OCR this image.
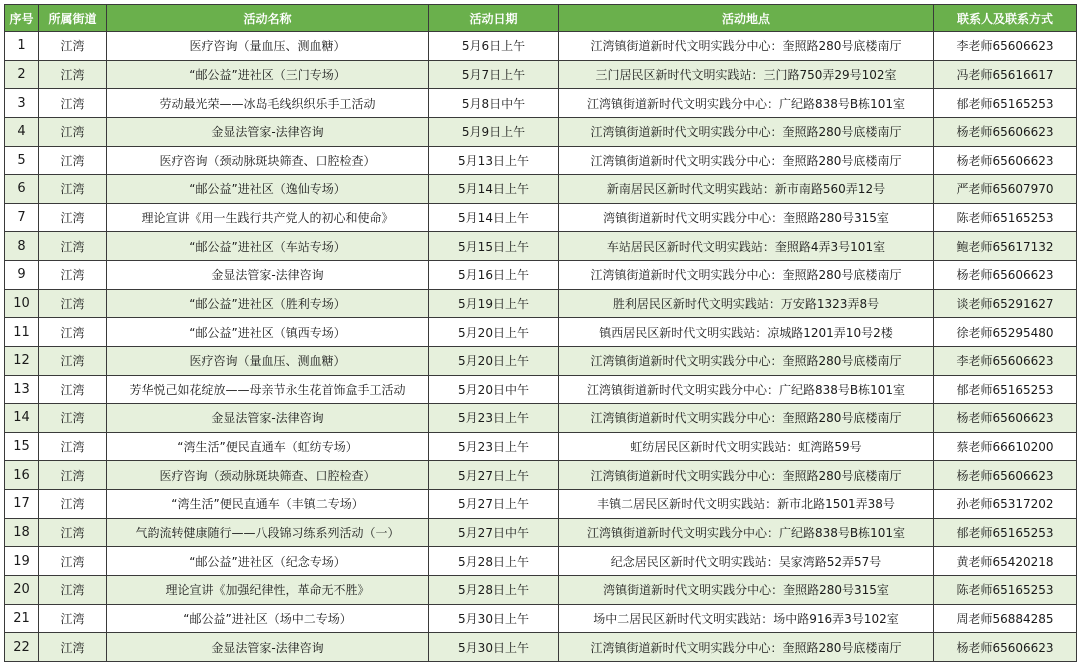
序号	所属街道	活动名称	活动日期	活动地点	联系人及联系方式
1	江湾	医疗咨询（量血压、测血糖）	5月6日上午	江湾镇街道新时代文明实践分中心：奎照路280号底楼南厅	李老师65606623
2	江湾	“邮公益”进社区（三门专场）	5月7日上午	三门居民区新时代文明实践站：三门路750弄29号102室	冯老师65616617
3	江湾	劳动最光荣——冰岛毛线织织乐手工活动	5月8日中午	江湾镇街道新时代文明实践分中心：广纪路838号B栋101室	郁老师65165253
4	江湾	金显法管家-法律咨询	5月9日上午	江湾镇街道新时代文明实践分中心：奎照路280号底楼南厅	杨老师65606623
5	江湾	医疗咨询（颈动脉斑块筛查、口腔检查）	5月13日上午	江湾镇街道新时代文明实践分中心：奎照路280号底楼南厅	杨老师65606623
6	江湾	“邮公益”进社区（逸仙专场）	5月14日上午	新南居民区新时代文明实践站：新市南路560弄12号	严老师65607970
7	江湾	理论宣讲《用一生践行共产党人的初心和使命》	5月14日上午	湾镇街道新时代文明实践分中心：奎照路280号315室	陈老师65165253
8	江湾	“邮公益”进社区（车站专场）	5月15日上午	车站居民区新时代文明实践站：奎照路4弄3号101室	鲍老师65617132
9	江湾	金显法管家-法律咨询	5月16日上午	江湾镇街道新时代文明实践分中心：奎照路280号底楼南厅	杨老师65606623
10	江湾	“邮公益”进社区（胜利专场）	5月19日上午	胜利居民区新时代文明实践站：万安路1323弄8号	谈老师65291627
11	江湾	“邮公益”进社区（镇西专场）	5月20日上午	镇西居民区新时代文明实践站：凉城路1201弄10号2楼	徐老师65295480
12	江湾	医疗咨询（量血压、测血糖）	5月20日上午	江湾镇街道新时代文明实践分中心：奎照路280号底楼南厅	李老师65606623
13	江湾	芳华悦己如花绽放——母亲节永生花首饰盒手工活动	5月20日中午	江湾镇街道新时代文明实践分中心：广纪路838号B栋101室	郁老师65165253
14	江湾	金显法管家-法律咨询	5月23日上午	江湾镇街道新时代文明实践分中心：奎照路280号底楼南厅	杨老师65606623
15	江湾	“湾生活”便民直通车（虹纺专场）	5月23日上午	虹纺居民区新时代文明实践站：虹湾路59号	蔡老师66610200
16	江湾	医疗咨询（颈动脉斑块筛查、口腔检查）	5月27日上午	江湾镇街道新时代文明实践分中心：奎照路280号底楼南厅	杨老师65606623
17	江湾	“湾生活”便民直通车（丰镇二专场）	5月27日上午	丰镇二居民区新时代文明实践站：新市北路1501弄38号	孙老师65317202
18	江湾	气韵流转健康随行——八段锦习练系列活动（一）	5月27日中午	江湾镇街道新时代文明实践分中心：广纪路838号B栋101室	郁老师65165253
19	江湾	“邮公益”进社区（纪念专场）	5月28日上午	纪念居民区新时代文明实践站：吴家湾路52弄57号	黄老师65420218
20	江湾	理论宣讲《加强纪律性，革命无不胜》	5月28日上午	湾镇街道新时代文明实践分中心：奎照路280号315室	陈老师65165253
21	江湾	“邮公益”进社区（场中二专场）	5月30日上午	场中二居民区新时代文明实践站：场中路916弄3号102室	周老师56884285
22	江湾	金显法管家-法律咨询	5月30日上午	江湾镇街道新时代文明实践分中心：奎照路280号底楼南厅	杨老师65606623
